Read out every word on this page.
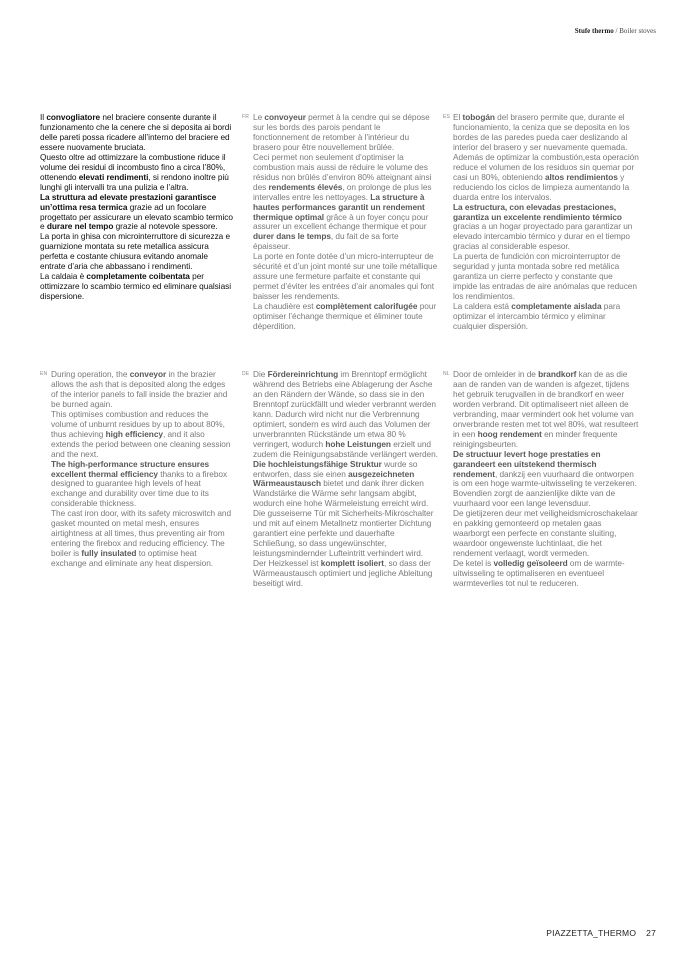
Stufe thermo / Boiler stoves

Il convogliatore nel braciere consente durante il funzionamento che la cenere che si deposita ai bordi delle pareti possa ricadere all’interno del braciere ed essere nuovamente bruciata.

Questo oltre ad ottimizzare la combustione riduce il volume dei residui di incombusto fino a circa l’80%, ottenendo elevati rendimenti, si rendono inoltre più lunghi gli intervalli tra una pulizia e l’altra.

La struttura ad elevate prestazioni garantisce un’ottima resa termica grazie ad un focolare progettato per assicurare un elevato scambio termico e durare nel tempo grazie al notevole spessore.

La porta in ghisa con microinterruttore di sicurezza e guarnizione montata su rete metallica assicura perfetta e costante chiusura evitando anomale entrate d’aria che abbassano i rendimenti.

La caldaia è completamente coibentata per ottimizzare lo scambio termico ed eliminare qualsiasi dispersione.

FR Le convoyeur permet à la cendre qui se dépose sur les bords des parois pendant le fonctionnement de retomber à l’intérieur du brasero pour être nouvellement brûlée.

Ceci permet non seulement d’optimiser la combustion mais aussi de réduire le volume des résidus non brûlés d’environ 80% atteignant ainsi des rendements élevés, on prolonge de plus les intervalles entre les nettoyages. La structure à hautes performances garantit un rendement thermique optimal grâce à un foyer conçu pour assurer un excellent échange thermique et pour durer dans le temps, du fait de sa forte épaisseur.

La porte en fonte dotée d’un micro-interrupteur de sécurité et d’un joint monté sur une toile métallique assure une fermeture parfaite et constante qui permet d’éviter les entrées d’air anomales qui font baisser les rendements.

La chaudière est complètement calorifugée pour optimiser l’échange thermique et éliminer toute déperdition.

ES El tobogán del brasero permite que, durante el funcionamiento, la ceniza que se deposita en los bordes de las paredes pueda caer deslizando al interior del brasero y ser nuevamente quemada. Además de optimizar la combustión,esta operación reduce el volumen de los residuos sin quemar por casi un 80%, obteniendo altos rendimientos y reduciendo los ciclos de limpieza aumentando la duarda entre los intervalos.

La estructura, con elevadas prestaciones, garantiza un excelente rendimiento térmico gracias a un hogar proyectado para garantizar un elevado intercambio térmico y durar en el tiempo gracias al considerable espesor.

La puerta de fundición con microinterruptor de seguridad y junta montada sobre red metálica garantiza un cierre perfecto y constante que impide las entradas de aire anómalas que reducen los rendimientos.

La caldera está completamente aislada para optimizar el intercambio térmico y eliminar cualquier dispersión.

EN During operation, the conveyor in the brazier allows the ash that is deposited along the edges of the interior panels to fall inside the brazier and be burned again.

This optimises combustion and reduces the volume of unburnt residues by up to about 80%, thus achieving high efficiency, and it also extends the period between one cleaning session and the next.

The high-performance structure ensures excellent thermal efficiency thanks to a firebox designed to guarantee high levels of heat exchange and durability over time due to its considerable thickness.

The cast iron door, with its safety microswitch and gasket mounted on metal mesh, ensures airtightness at all times, thus preventing air from entering the firebox and reducing efficiency. The boiler is fully insulated to optimise heat exchange and eliminate any heat dispersion.

DE Die Fördereinrichtung im Brenntopf ermöglicht während des Betriebs eine Ablagerung der Asche an den Rändern der Wände, so dass sie in den Brenntopf zurückfällt und wieder verbrannt werden kann. Dadurch wird nicht nur die Verbrennung optimiert, sondern es wird auch das Volumen der unverbrannten Rückstände um etwa 80 % verringert, wodurch hohe Leistungen erzielt und zudem die Reinigungsabstände verlängert werden.

Die hochleistungsfähige Struktur wurde so entworfen, dass sie einen ausgezeichneten Wärmeaustausch bietet und dank ihrer dicken Wandstärke die Wärme sehr langsam abgibt, wodurch eine hohe Wärmeleistung erreicht wird.

Die gusseiserne Tür mit Sicherheits-Mikroschalter und mit auf einem Metallnetz montierter Dichtung garantiert eine perfekte und dauerhafte Schließung, so dass ungewünschter, leistungsmindernder Lufteintritt verhindert wird.

Der Heizkessel ist komplett isoliert, so dass der Wärmeaustausch optimiert und jegliche Ableitung beseitigt wird.

NL Door de omleider in de brandkorf kan de as die aan de randen van de wanden is afgezet, tijdens het gebruik terugvallen in de brandkorf en weer worden verbrand. Dit optimaliseert niet alleen de verbranding, maar vermindert ook het volume van onverbrande resten met tot wel 80%, wat resulteert in een hoog rendement en minder frequente reinigingsbeurten.

De structuur levert hoge prestaties en garandeert een uitstekend thermisch rendement, dankzij een vuurhaard die ontworpen is om een hoge warmte-uitwisseling te verzekeren.

Bovendien zorgt de aanzienlijke dikte van de vuurhaard voor een lange levensduur.

De gietijzeren deur met veiligheidsmicroschakelaar en pakking gemonteerd op metalen gaas waarborgt een perfecte en constante sluiting, waardoor ongewenste luchtinlaat, die het rendement verlaagt, wordt vermeden.

De ketel is volledig geïsoleerd om de warmte-uitwisseling te optimaliseren en eventueel warmteverlies tot nul te reduceren.

PIAZZETTA_THERMO 27
